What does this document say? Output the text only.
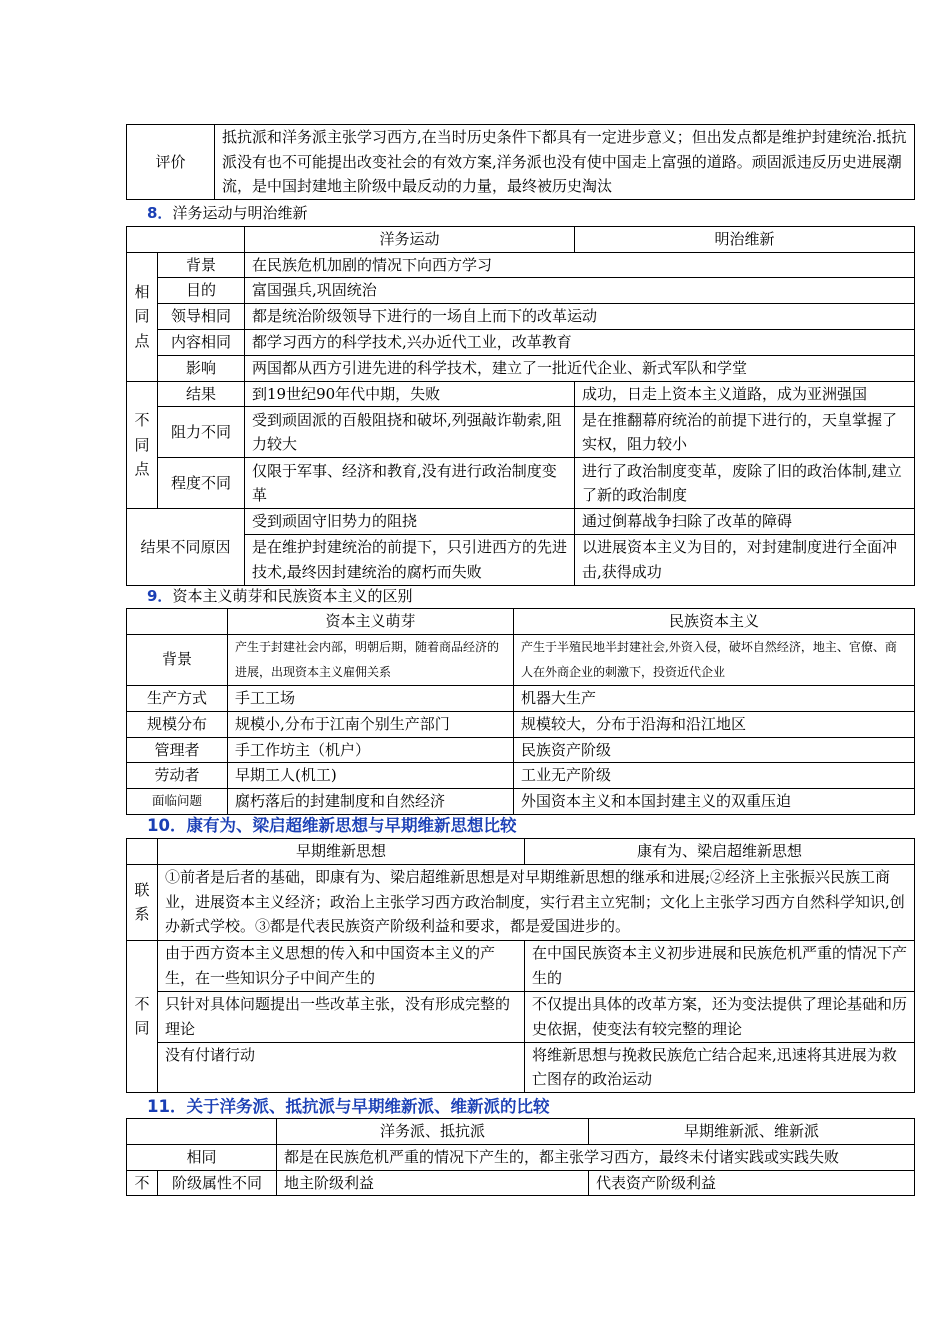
评价	抵抗派和洋务派主张学习西方,在当时历史条件下都具有一定进步意义；但出发点都是维护封建统治.抵抗派没有也不可能提出改变社会的有效方案,洋务派也没有使中国走上富强的道路。顽固派违反历史进展潮流，是中国封建地主阶级中最反动的力量，最终被历史淘汰
8．洋务运动与明治维新
		洋务运动	明治维新
相同点	背景	在民族危机加剧的情况下向西方学习	
	目的	富国强兵,巩固统治	
	领导相同	都是统治阶级领导下进行的一场自上而下的改革运动	
	内容相同	都学习西方的科学技术,兴办近代工业，改革教育	
	影响	两国都从西方引进先进的科学技术，建立了一批近代企业、新式军队和学堂	
不同点	结果	到19世纪90年代中期，失败	成功，日走上资本主义道路，成为亚洲强国
	阻力不同	受到顽固派的百般阻挠和破坏,列强敲诈勒索,阻力较大	是在推翻幕府统治的前提下进行的，天皇掌握了实权，阻力较小
	程度不同	仅限于军事、经济和教育,没有进行政治制度变革	进行了政治制度变革，废除了旧的政治体制,建立了新的政治制度
结果不同原因		受到顽固守旧势力的阻挠	通过倒幕战争扫除了改革的障碍
		是在维护封建统治的前提下，只引进西方的先进技术,最终因封建统治的腐朽而失败	以进展资本主义为目的，对封建制度进行全面冲击,获得成功
9．资本主义萌芽和民族资本主义的区别
	资本主义萌芽	民族资本主义
背景	产生于封建社会内部，明朝后期，随着商品经济的进展，出现资本主义雇佣关系	产生于半殖民地半封建社会,外资入侵，破坏自然经济，地主、官僚、商人在外商企业的刺激下，投资近代企业
生产方式	手工工场	机器大生产
规模分布	规模小,分布于江南个别生产部门	规模较大，分布于沿海和沿江地区
管理者	手工作坊主（机户）	民族资产阶级
劳动者	早期工人(机工)	工业无产阶级
面临问题	腐朽落后的封建制度和自然经济	外国资本主义和本国封建主义的双重压迫
10．康有为、梁启超维新思想与早期维新思想比较
	早期维新思想	康有为、梁启超维新思想
联系	①前者是后者的基础，即康有为、梁启超维新思想是对早期维新思想的继承和进展;②经济上主张振兴民族工商业，进展资本主义经济；政治上主张学习西方政治制度，实行君主立宪制；文化上主张学习西方自然科学知识,创办新式学校。③都是代表民族资产阶级利益和要求，都是爱国进步的。	
不同	由于西方资本主义思想的传入和中国资本主义的产生，在一些知识分子中间产生的	在中国民族资本主义初步进展和民族危机严重的情况下产生的
	只针对具体问题提出一些改革主张，没有形成完整的理论	不仅提出具体的改革方案，还为变法提供了理论基础和历史依据，使变法有较完整的理论
	没有付诸行动	将维新思想与挽救民族危亡结合起来,迅速将其进展为救亡图存的政治运动
11．关于洋务派、抵抗派与早期维新派、维新派的比较
		洋务派、抵抗派	早期维新派、维新派
相同		都是在民族危机严重的情况下产生的，都主张学习西方，最终未付诸实践或实践失败	
不	阶级属性不同	地主阶级利益	代表资产阶级利益
